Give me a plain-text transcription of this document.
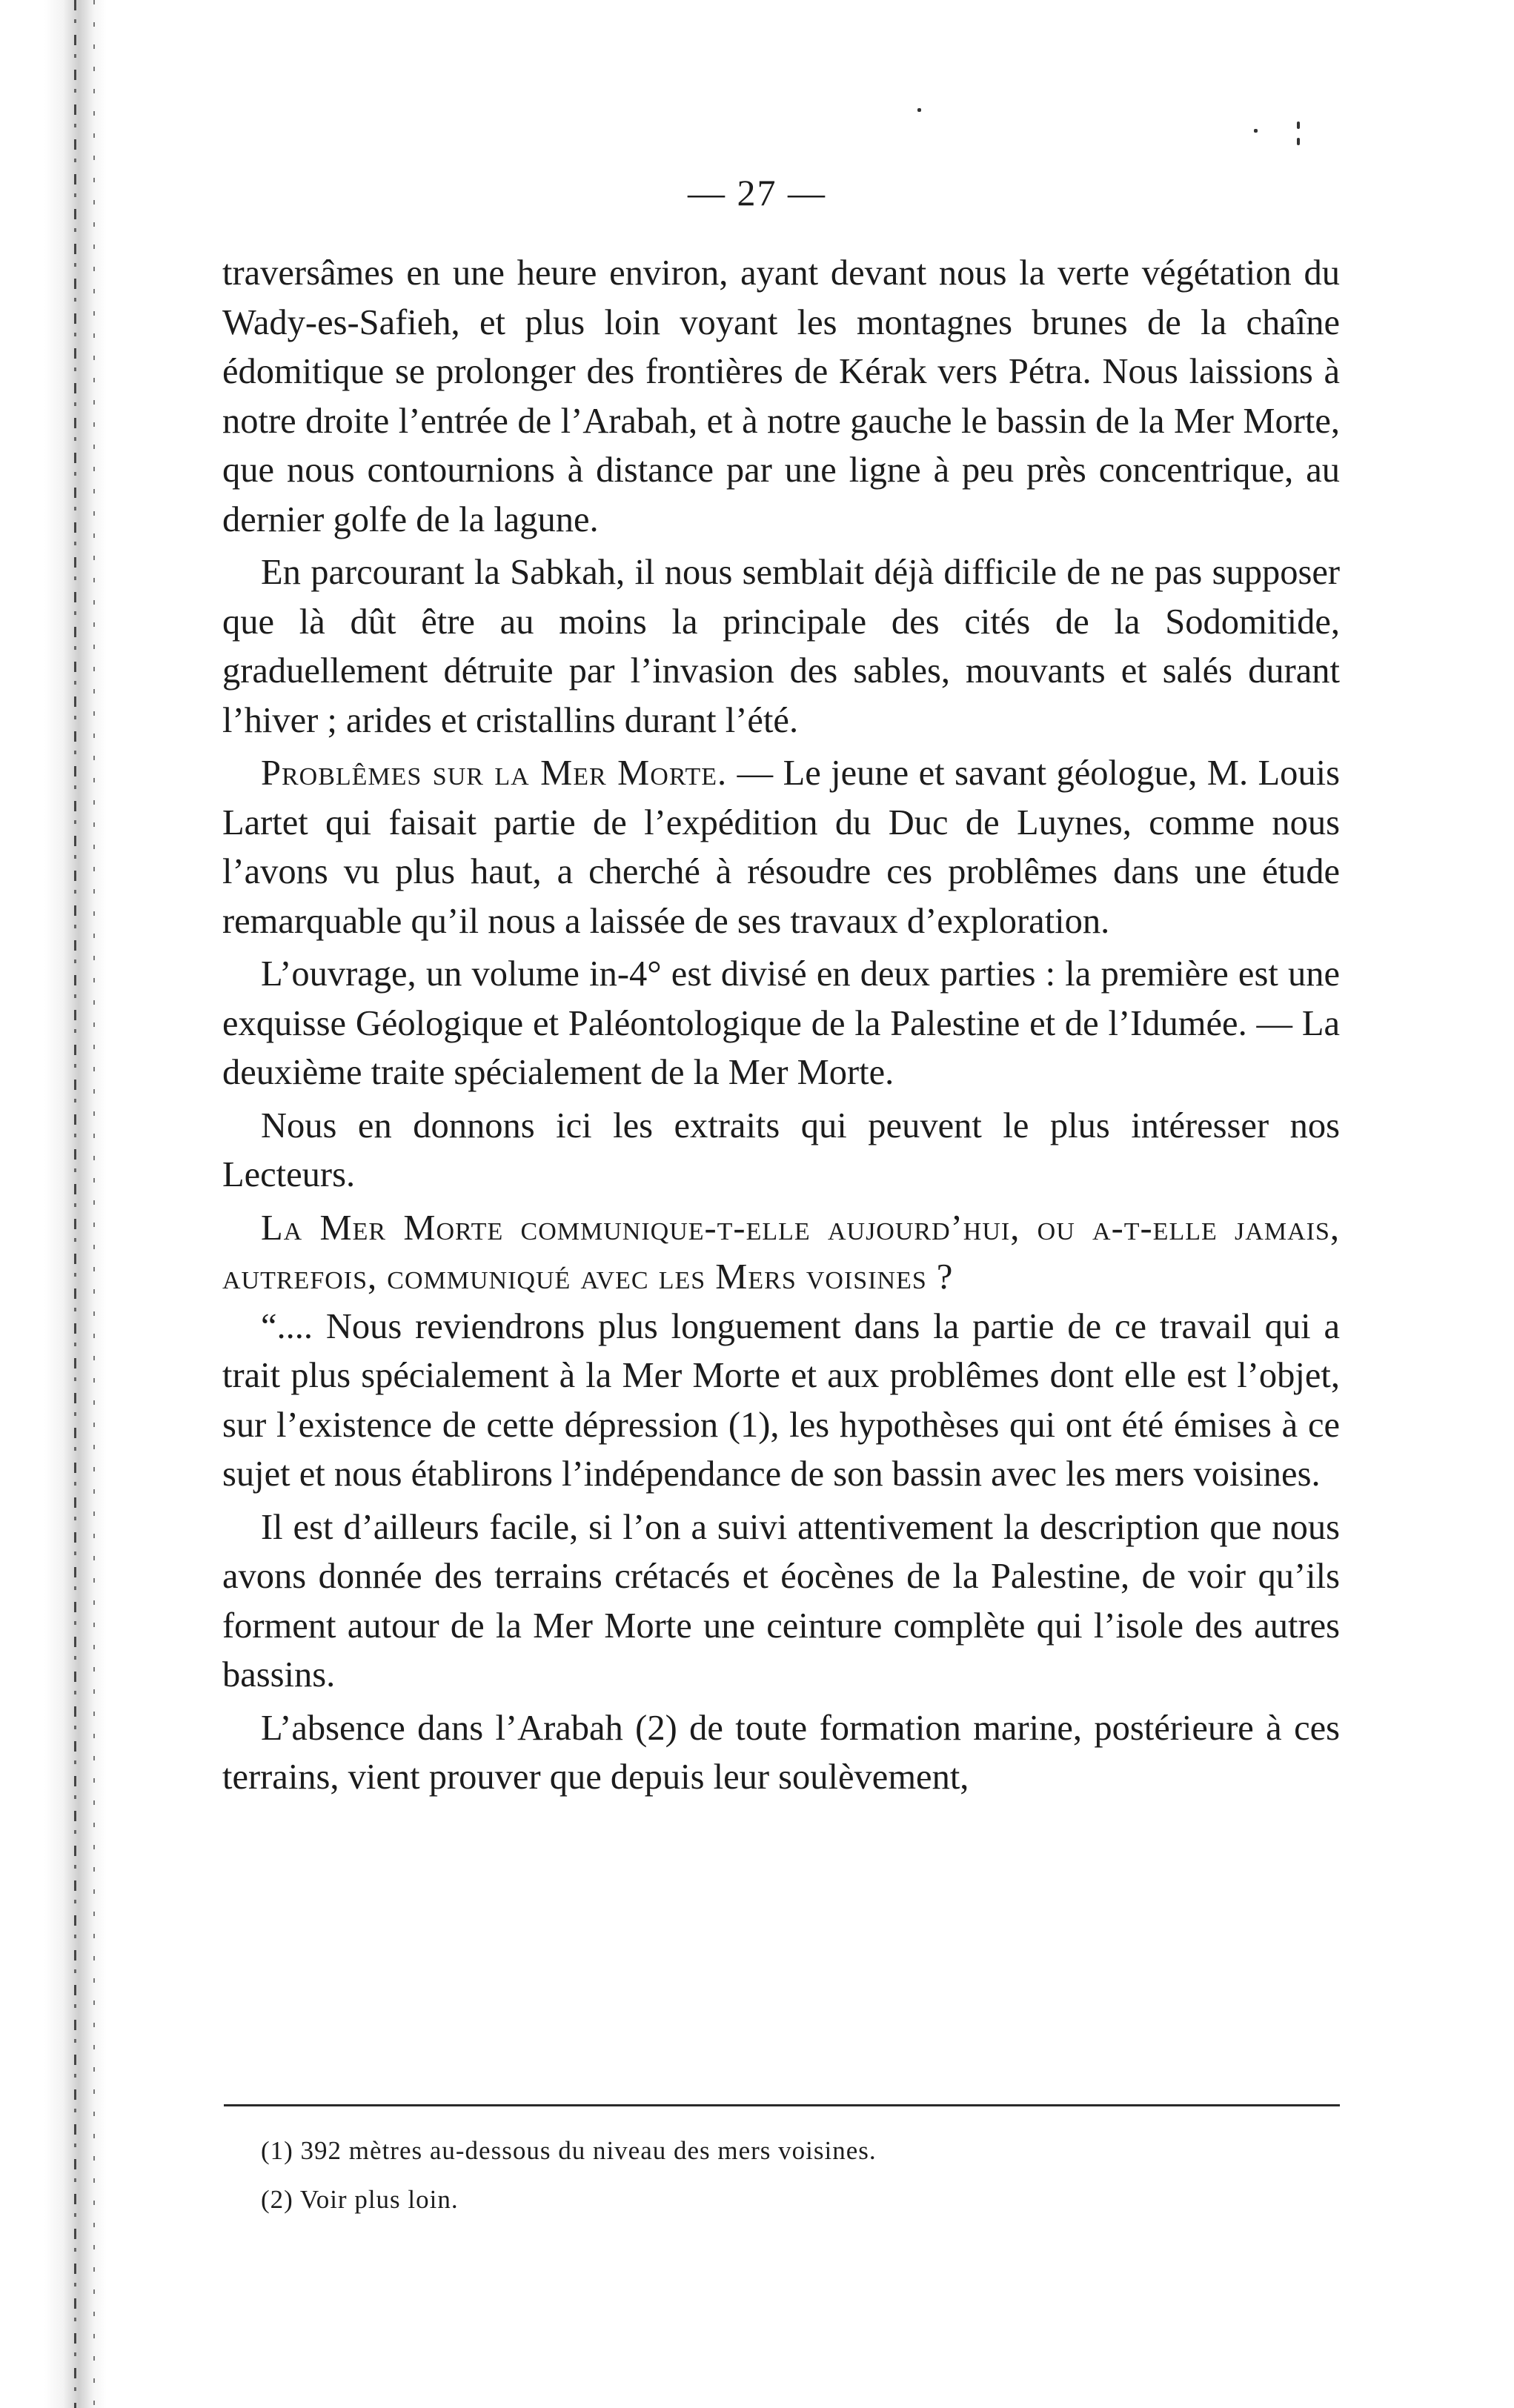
— 27 —

traversâmes en une heure environ, ayant devant nous la verte végétation du Wady-es-Safieh, et plus loin voyant les montagnes brunes de la chaîne édomitique se prolonger des frontières de Kérak vers Pétra. Nous laissions à notre droite l’entrée de l’Arabah, et à notre gauche le bassin de la Mer Morte, que nous contournions à distance par une ligne à peu près concentrique, au dernier golfe de la lagune.

En parcourant la Sabkah, il nous semblait déjà difficile de ne pas supposer que là dût être au moins la principale des cités de la Sodomitide, graduellement détruite par l’invasion des sables, mouvants et salés durant l’hiver ; arides et cristallins durant l’été.

Problêmes sur la Mer Morte. — Le jeune et savant géologue, M. Louis Lartet qui faisait partie de l’expédition du Duc de Luynes, comme nous l’avons vu plus haut, a cherché à résoudre ces problêmes dans une étude remarquable qu’il nous a laissée de ses travaux d’exploration.

L’ouvrage, un volume in-4° est divisé en deux parties : la première est une exquisse Géologique et Paléontologique de la Palestine et de l’Idumée. — La deuxième traite spécialement de la Mer Morte.

Nous en donnons ici les extraits qui peuvent le plus intéresser nos Lecteurs.

La Mer Morte communique-t-elle aujourd’hui, ou a-t-elle jamais, autrefois, communiqué avec les Mers voisines ?

“.... Nous reviendrons plus longuement dans la partie de ce travail qui a trait plus spécialement à la Mer Morte et aux problêmes dont elle est l’objet, sur l’existence de cette dépression (1), les hypothèses qui ont été émises à ce sujet et nous établirons l’indépendance de son bassin avec les mers voisines.

Il est d’ailleurs facile, si l’on a suivi attentivement la description que nous avons donnée des terrains crétacés et éocènes de la Palestine, de voir qu’ils forment autour de la Mer Morte une ceinture complète qui l’isole des autres bassins.

L’absence dans l’Arabah (2) de toute formation marine, postérieure à ces terrains, vient prouver que depuis leur soulèvement,

(1) 392 mètres au-dessous du niveau des mers voisines.
(2) Voir plus loin.
